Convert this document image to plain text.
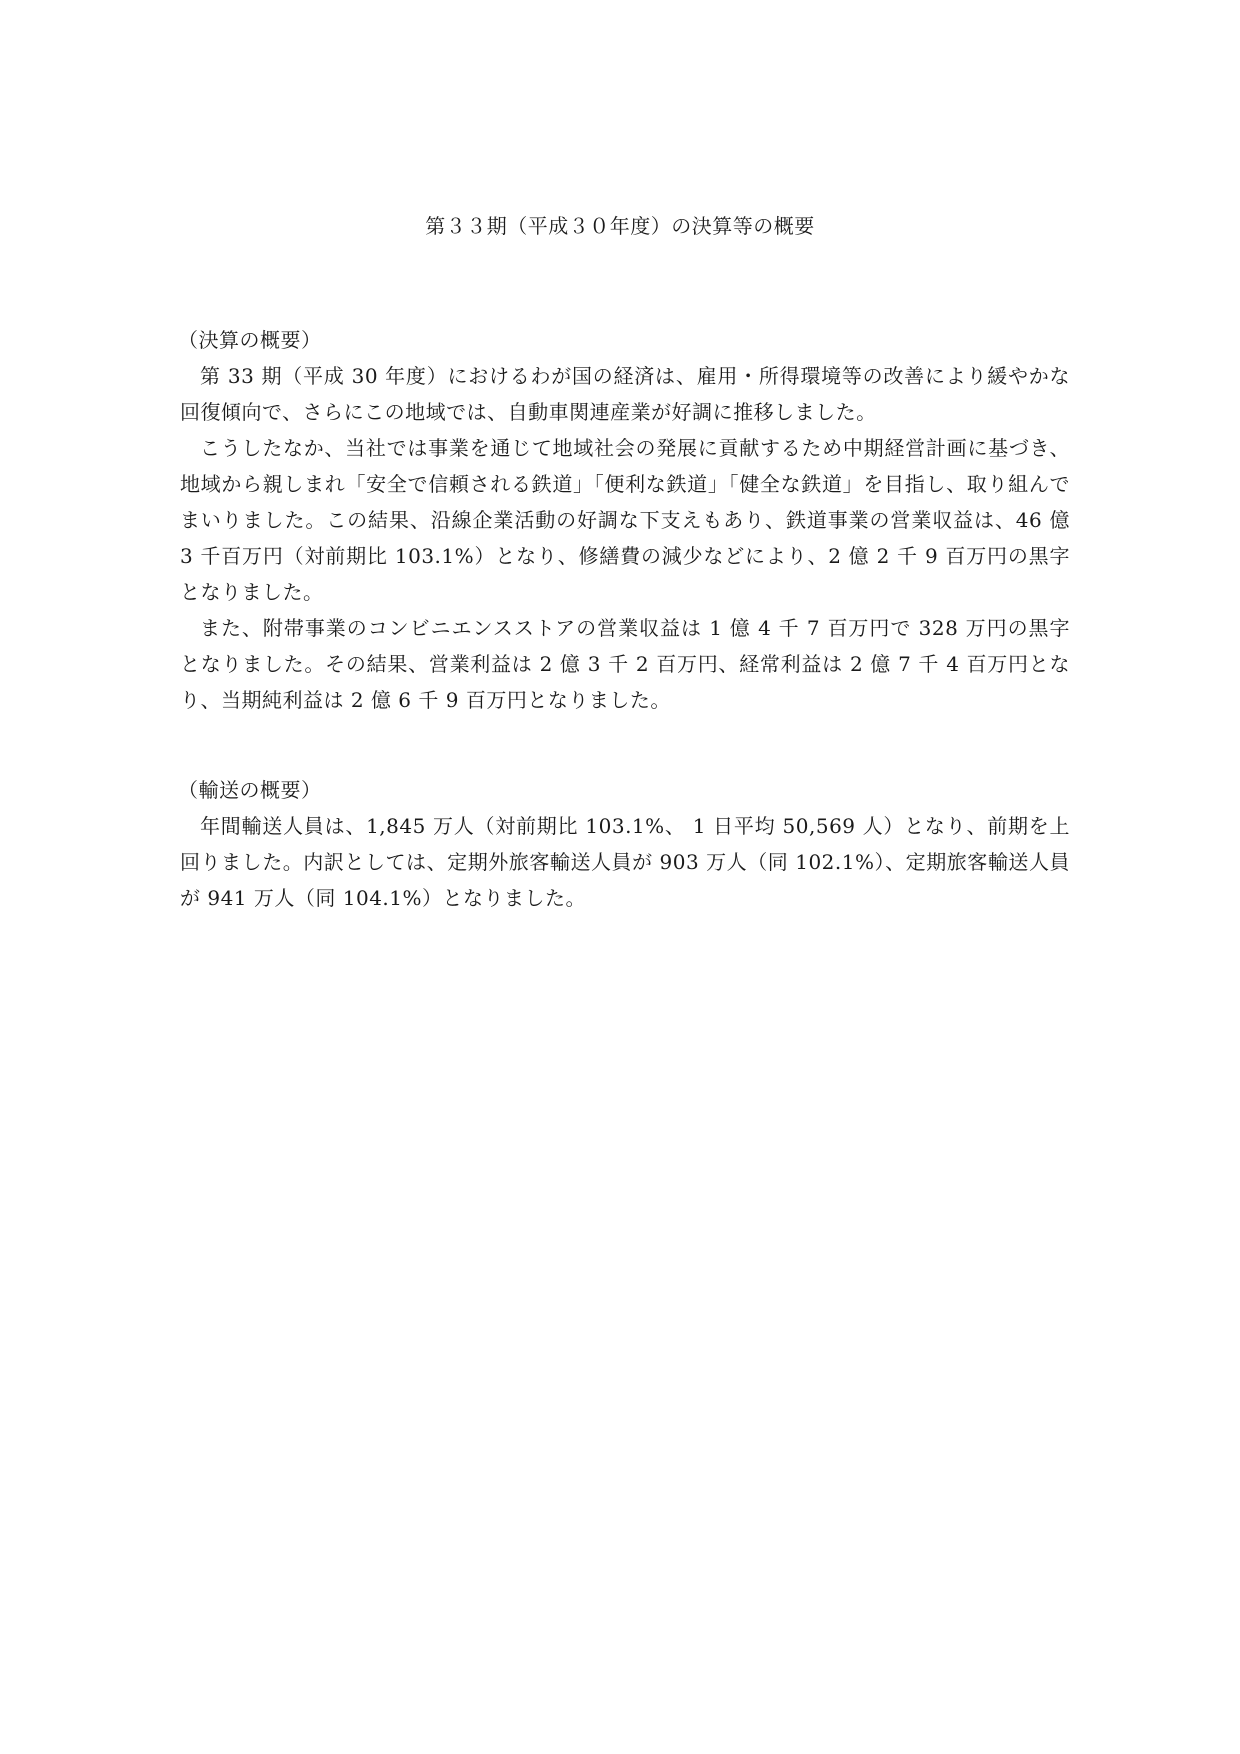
第３３期（平成３０年度）の決算等の概要

（決算の概要）

第 33 期（平成 30 年度）におけるわが国の経済は、雇用・所得環境等の改善により緩やかな回復傾向で、さらにこの地域では、自動車関連産業が好調に推移しました。

こうしたなか、当社では事業を通じて地域社会の発展に貢献するため中期経営計画に基づき、地域から親しまれ「安全で信頼される鉄道」「便利な鉄道」「健全な鉄道」を目指し、取り組んでまいりました。この結果、沿線企業活動の好調な下支えもあり、鉄道事業の営業収益は、46 億 3 千百万円（対前期比 103.1%）となり、修繕費の減少などにより、2 億 2 千 9 百万円の黒字となりました。

また、附帯事業のコンビニエンスストアの営業収益は 1 億 4 千 7 百万円で 328 万円の黒字となりました。その結果、営業利益は 2 億 3 千 2 百万円、経常利益は 2 億 7 千 4 百万円となり、当期純利益は 2 億 6 千 9 百万円となりました。

（輸送の概要）

年間輸送人員は、1,845 万人（対前期比 103.1%、 1 日平均 50,569 人）となり、前期を上回りました。内訳としては、定期外旅客輸送人員が 903 万人（同 102.1%）、定期旅客輸送人員が 941 万人（同 104.1%）となりました。
